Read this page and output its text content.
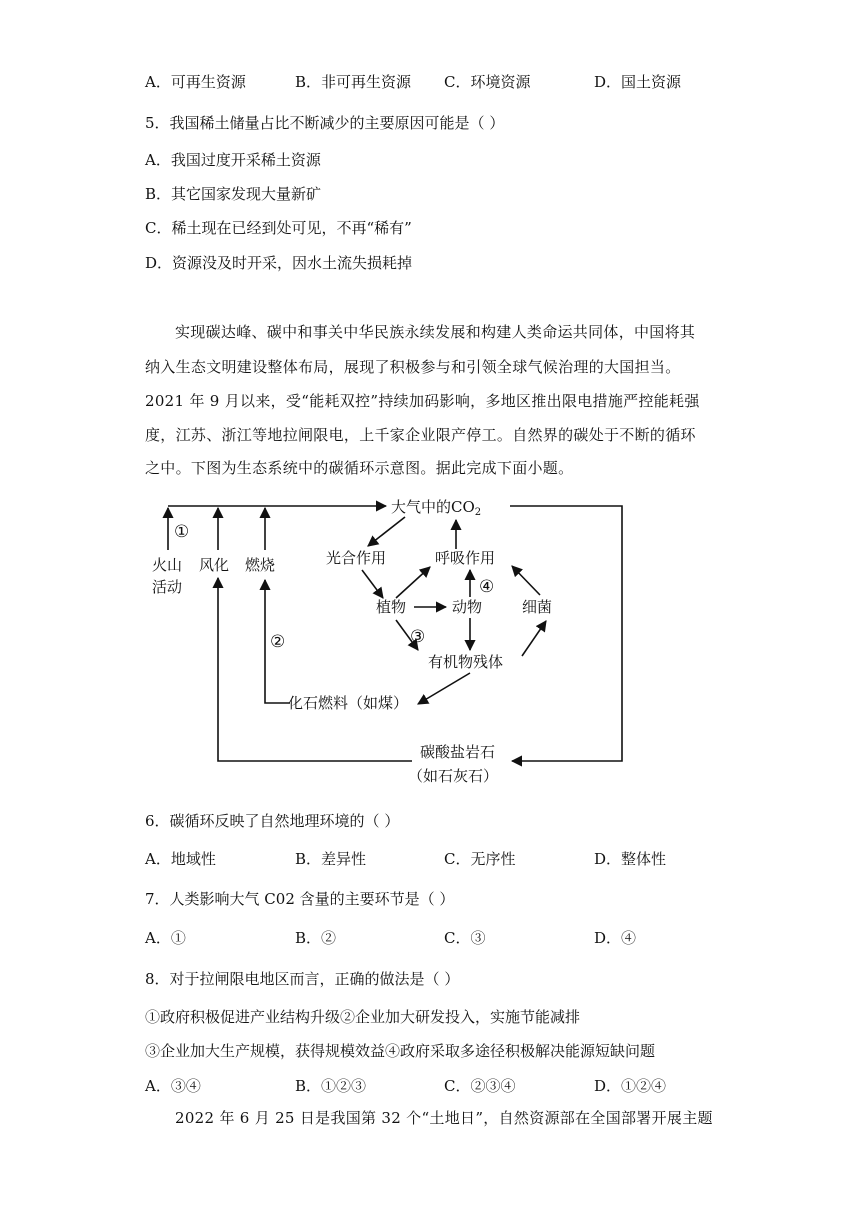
A．可再生资源	B．非可再生资源 C．环境资源	D．国土资源
5．我国稀土储量占比不断减少的主要原因可能是（ ）
A．我国过度开采稀土资源
B．其它国家发现大量新矿
C．稀土现在已经到处可见，不再“稀有”
D．资源没及时开采，因水土流失损耗掉
实现碳达峰、碳中和事关中华民族永续发展和构建人类命运共同体，中国将其
纳入生态文明建设整体布局，展现了积极参与和引领全球气候治理的大国担当。
2021 年 9 月以来，受“能耗双控”持续加码影响，多地区推出限电措施严控能耗强
度，江苏、浙江等地拉闸限电，上千家企业限产停工。自然界的碳处于不断的循环
之中。下图为生态系统中的碳循环示意图。据此完成下面小题。
大气中的$CO_2$
光合作用	呼吸作用
植物	动物	细菌
有机物残体
化石燃料（如煤）
碳酸盐岩石
（如石灰石）
火山
活动
风化 燃烧
①
②	③
④
6．碳循环反映了自然地理环境的（ ）
A．地域性	B．差异性	C．无序性	D．整体性
7．人类影响大气 C02 含量的主要环节是（ ）
A．①	B．②	C．③	D．④
8．对于拉闸限电地区而言，正确的做法是（ ）
①政府积极促进产业结构升级②企业加大研发投入，实施节能减排
③企业加大生产规模，获得规模效益④政府采取多途径积极解决能源短缺问题
A．③④	B．①②③	C．②③④	D．①②④
2022 年 6 月 25 日是我国第 32 个“土地日”，自然资源部在全国部署开展主题
